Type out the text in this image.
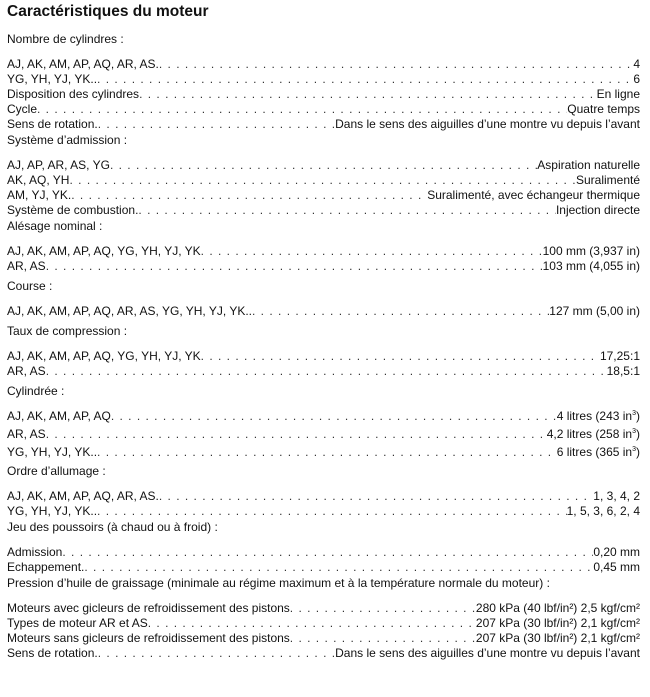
Caractéristiques du moteur
Nombre de cylindres :
AJ, AK, AM, AP, AQ, AR, AS. . . .	4
YG, YH, YJ, YK.. . . .	6
Disposition des cylindres . . .	En ligne
Cycle . . .	Quatre temps
Sens de rotation. . . .	Dans le sens des aiguilles d’une montre vu depuis l’avant
Système d’admission :
AJ, AP, AR, AS, YG . . .	Aspiration naturelle
AK, AQ, YH . . .	Suralimenté
AM, YJ, YK. . . .	Suralimenté, avec échangeur thermique
Système de combustion. . . .	Injection directe
Alésage nominal :
AJ, AK, AM, AP, AQ, YG, YH, YJ, YK . . .	100 mm (3,937 in)
AR, AS . . .	103 mm (4,055 in)
Course :
AJ, AK, AM, AP, AQ, AR, AS, YG, YH, YJ, YK.. . . .	127 mm (5,00 in)
Taux de compression :
AJ, AK, AM, AP, AQ, YG, YH, YJ, YK . . .	17,25:1
AR, AS . . .	18,5:1
Cylindrée :
AJ, AK, AM, AP, AQ . . .	4 litres (243 $in^3$)
AR, AS . . .	4,2 litres (258 $in^3$)
YG, YH, YJ, YK.. . . .	6 litres (365 $in^3$)
Ordre d’allumage :
AJ, AK, AM, AP, AQ, AR, AS. . . .	1, 3, 4, 2
YG, YH, YJ, YK.. . . .	1, 5, 3, 6, 2, 4
Jeu des poussoirs (à chaud ou à froid) :
Admission . . .	0,20 mm
Echappement. . . .	0,45 mm
Pression d’huile de graissage (minimale au régime maximum et à la température normale du moteur) :
Moteurs avec gicleurs de refroidissement des pistons . . .	280 kPa (40 lbf/in²) 2,5 kgf/cm²
Types de moteur AR et AS . . .	207 kPa (30 lbf/in²) 2,1 kgf/cm²
Moteurs sans gicleurs de refroidissement des pistons . . .	207 kPa (30 lbf/in²) 2,1 kgf/cm²
Sens de rotation. . . .	Dans le sens des aiguilles d’une montre vu depuis l’avant
